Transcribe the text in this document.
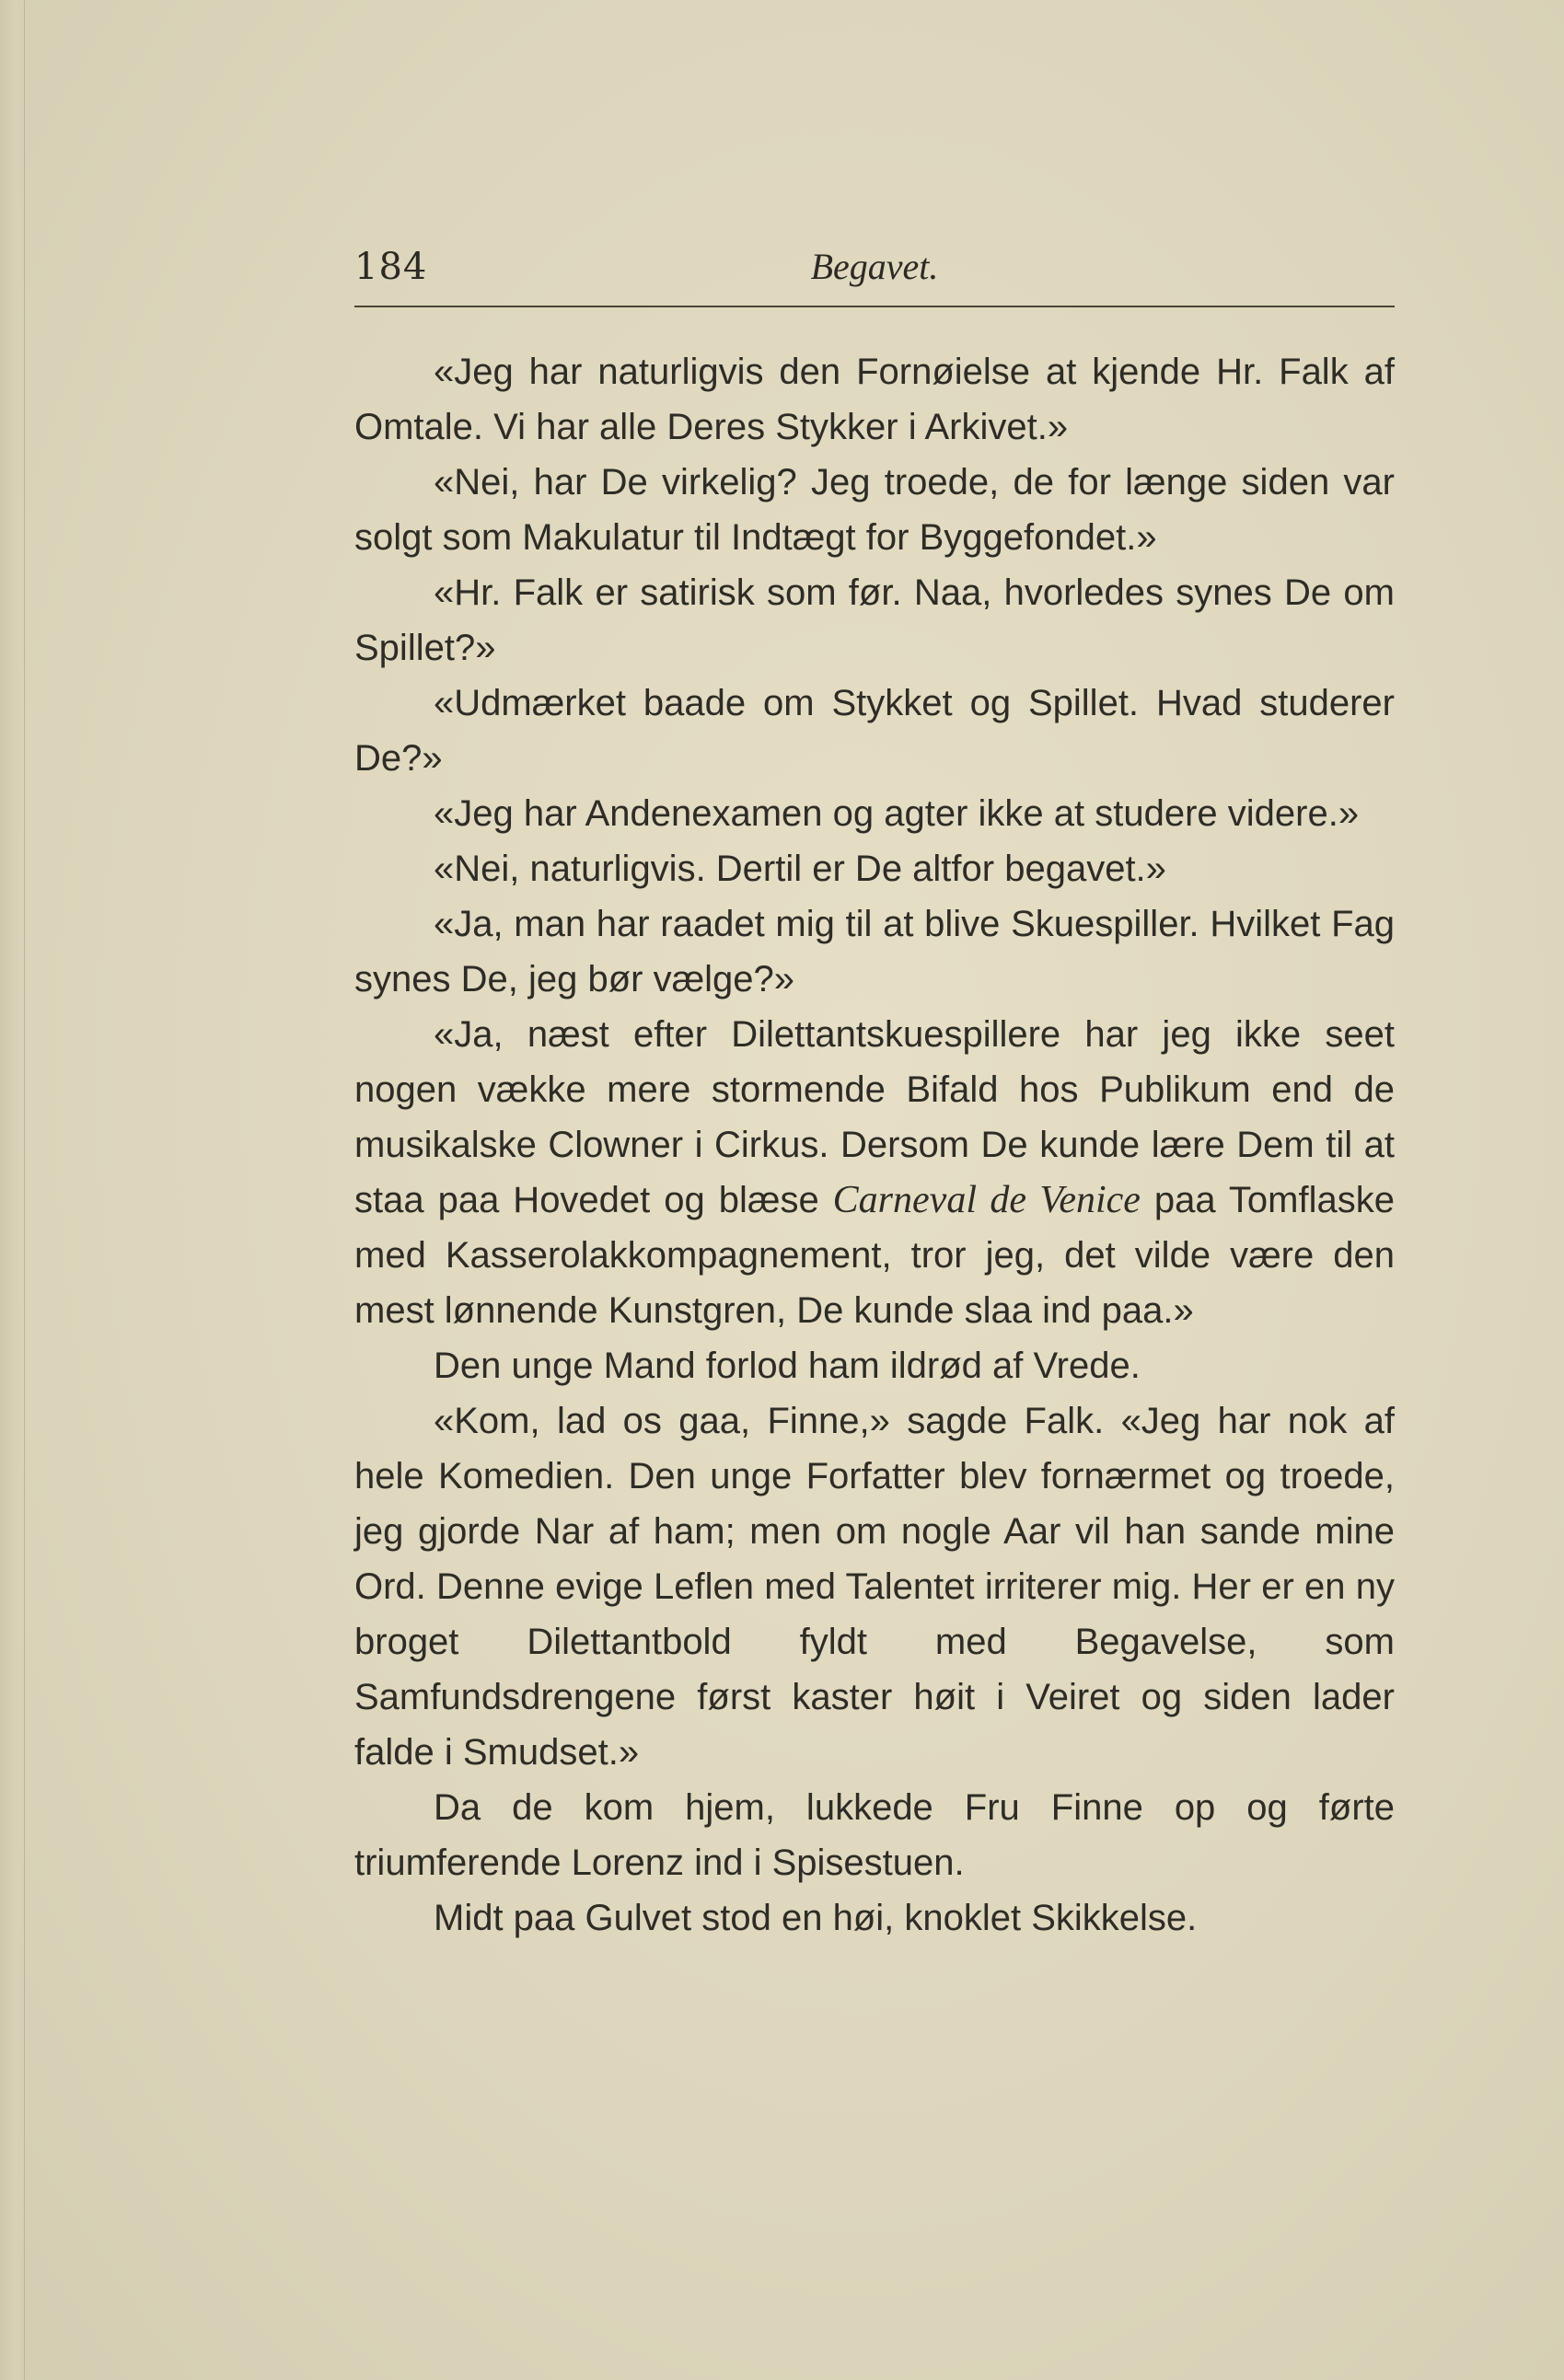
184	Begavet.

«Jeg har naturligvis den Fornøielse at kjende Hr. Falk af Omtale. Vi har alle Deres Stykker i Arkivet.»

«Nei, har De virkelig? Jeg troede, de for længe siden var solgt som Makulatur til Indtægt for Byggefondet.»

«Hr. Falk er satirisk som før. Naa, hvorledes synes De om Spillet?»

«Udmærket baade om Stykket og Spillet. Hvad studerer De?»

«Jeg har Andenexamen og agter ikke at studere videre.»

«Nei, naturligvis. Dertil er De altfor begavet.»

«Ja, man har raadet mig til at blive Skuespiller. Hvilket Fag synes De, jeg bør vælge?»

«Ja, næst efter Dilettantskuespillere har jeg ikke seet nogen vække mere stormende Bifald hos Publikum end de musikalske Clowner i Cirkus. Dersom De kunde lære Dem til at staa paa Hovedet og blæse Carneval de Venice paa Tomflaske med Kasserolakkompagnement, tror jeg, det vilde være den mest lønnende Kunstgren, De kunde slaa ind paa.»

Den unge Mand forlod ham ildrød af Vrede.

«Kom, lad os gaa, Finne,» sagde Falk. «Jeg har nok af hele Komedien. Den unge Forfatter blev fornærmet og troede, jeg gjorde Nar af ham; men om nogle Aar vil han sande mine Ord. Denne evige Leflen med Talentet irriterer mig. Her er en ny broget Dilettantbold fyldt med Begavelse, som Samfundsdrengene først kaster høit i Veiret og siden lader falde i Smudset.»

Da de kom hjem, lukkede Fru Finne op og førte triumferende Lorenz ind i Spisestuen.

Midt paa Gulvet stod en høi, knoklet Skikkelse.
